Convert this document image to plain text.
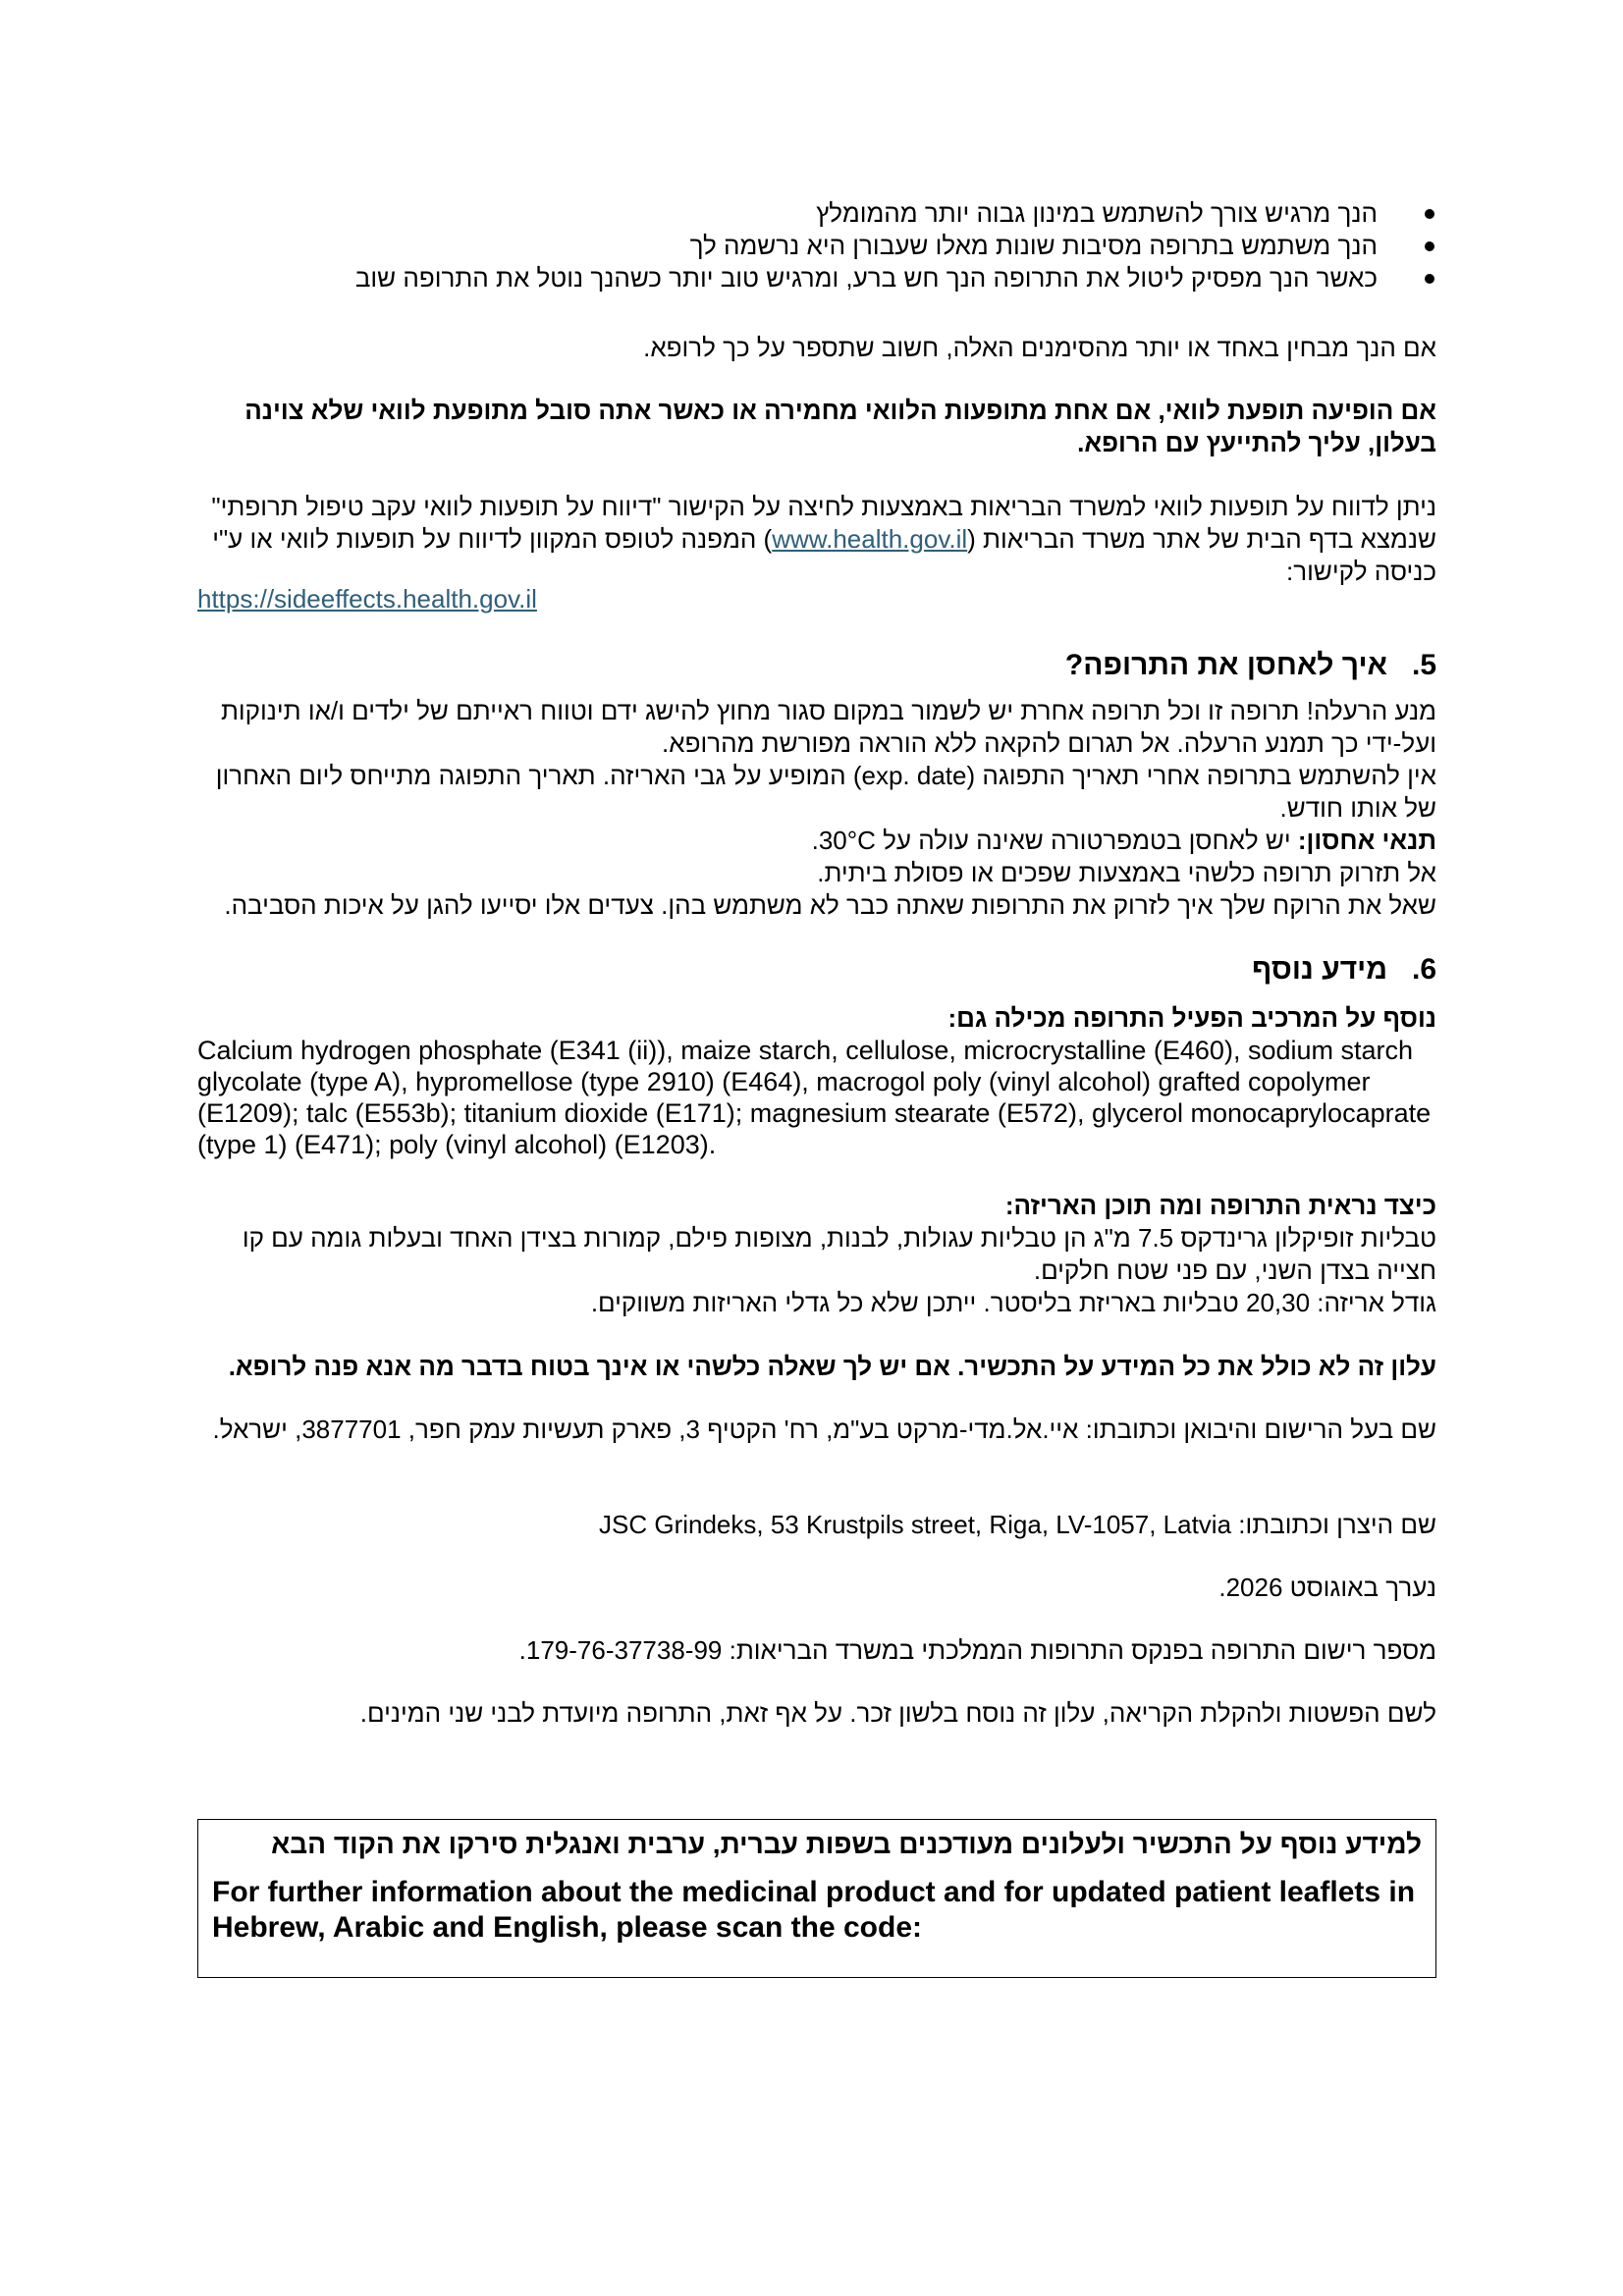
הנך מרגיש צורך להשתמש במינון גבוה יותר מהמומלץ
הנך משתמש בתרופה מסיבות שונות מאלו שעבורן היא נרשמה לך
כאשר הנך מפסיק ליטול את התרופה הנך חש ברע, ומרגיש טוב יותר כשהנך נוטל את התרופה שוב

אם הנך מבחין באחד או יותר מהסימנים האלה, חשוב שתספר על כך לרופא.

אם הופיעה תופעת לוואי, אם אחת מתופעות הלוואי מחמירה או כאשר אתה סובל מתופעת לוואי שלא צוינה בעלון, עליך להתייעץ עם הרופא.

ניתן לדווח על תופעות לוואי למשרד הבריאות באמצעות לחיצה על הקישור "דיווח על תופעות לוואי עקב טיפול תרופתי" שנמצא בדף הבית של אתר משרד הבריאות (www.health.gov.il) המפנה לטופס המקוון לדיווח על תופעות לוואי או ע"י כניסה לקישור:

https://sideeffects.health.gov.il
5.
איך לאחסן את התרופה?

מנע הרעלה! תרופה זו וכל תרופה אחרת יש לשמור במקום סגור מחוץ להישג ידם וטווח ראייתם של ילדים ו/או תינוקות ועל-ידי כך תמנע הרעלה. אל תגרום להקאה ללא הוראה מפורשת מהרופא.

אין להשתמש בתרופה אחרי תאריך התפוגה (exp. date) המופיע על גבי האריזה. תאריך התפוגה מתייחס ליום האחרון של אותו חודש.

תנאי אחסון: יש לאחסן בטמפרטורה שאינה עולה על 30°C.

אל תזרוק תרופה כלשהי באמצעות שפכים או פסולת ביתית.

שאל את הרוקח שלך איך לזרוק את התרופות שאתה כבר לא משתמש בהן. צעדים אלו יסייעו להגן על איכות הסביבה.

6.
מידע נוסף

נוסף על המרכיב הפעיל התרופה מכילה גם:

Calcium hydrogen phosphate (E341 (ii)), maize starch, cellulose, microcrystalline (E460), sodium starch glycolate (type A), hypromellose (type 2910) (E464), macrogol poly (vinyl alcohol) grafted copolymer (E1209); talc (E553b); titanium dioxide (E171); magnesium stearate (E572), glycerol monocaprylocaprate (type 1) (E471); poly (vinyl alcohol) (E1203).

כיצד נראית התרופה ומה תוכן האריזה:

טבליות זופיקלון גרינדקס 7.5 מ"ג הן טבליות עגולות, לבנות, מצופות פילם, קמורות בצידן האחד ובעלות גומה עם קו חצייה בצדן השני, עם פני שטח חלקים.

גודל אריזה: 20,30 טבליות באריזת בליסטר. ייתכן שלא כל גדלי האריזות משווקים.

עלון זה לא כולל את כל המידע על התכשיר. אם יש לך שאלה כלשהי או אינך בטוח בדבר מה אנא פנה לרופא.

שם בעל הרישום והיבואן וכתובתו: איי.אל.מדי-מרקט בע"מ, רח' הקטיף 3, פארק תעשיות עמק חפר, 3877701, ישראל.

שם היצרן וכתובתו: JSC Grindeks, 53 Krustpils street, Riga, LV-1057, Latvia

נערך באוגוסט 2026.

מספר רישום התרופה בפנקס התרופות הממלכתי במשרד הבריאות: 179-76-37738-99.

לשם הפשטות ולהקלת הקריאה, עלון זה נוסח בלשון זכר. על אף זאת, התרופה מיועדת לבני שני המינים.

למידע נוסף על התכשיר ולעלונים מעודכנים בשפות עברית, ערבית ואנגלית סירקו את הקוד הבא
For further information about the medicinal product and for updated patient leaflets in Hebrew, Arabic and English, please scan the code:
